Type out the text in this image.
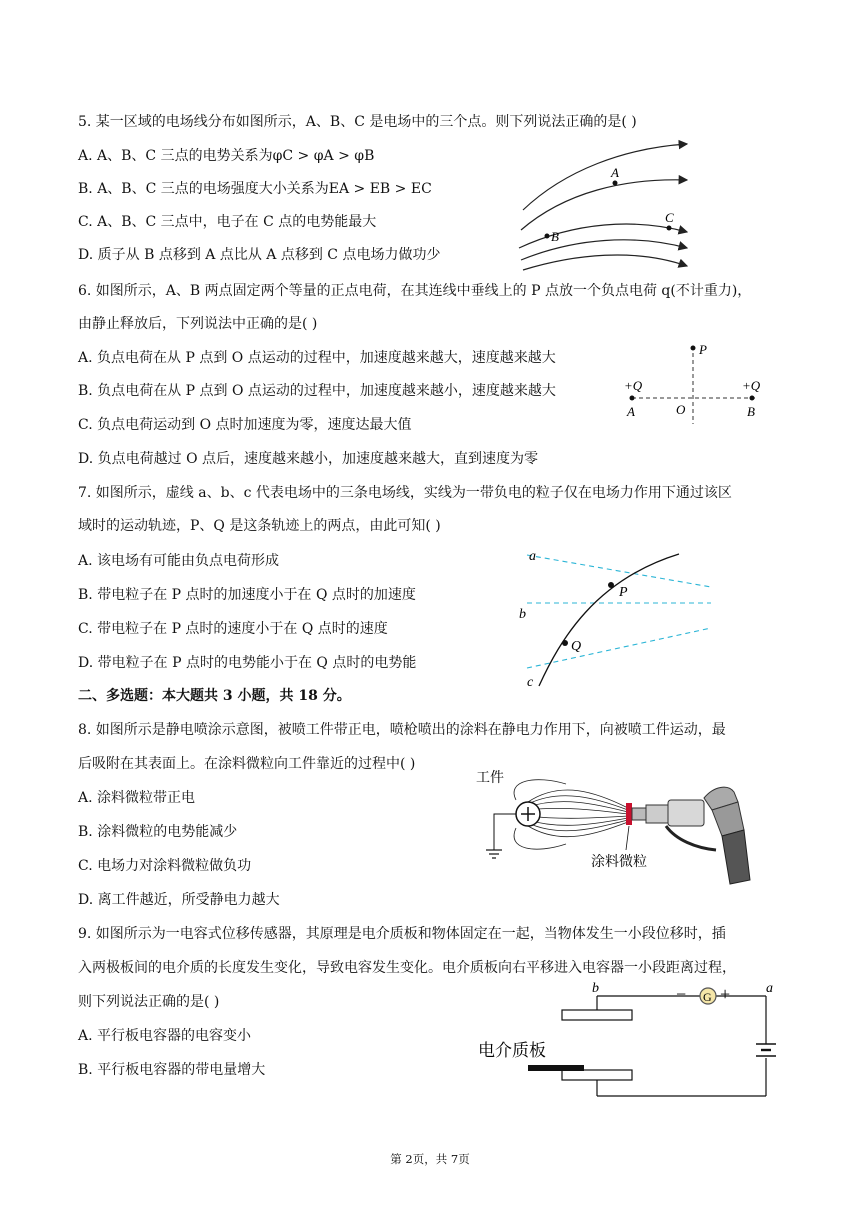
5. 某一区域的电场线分布如图所示，A、B、C 是电场中的三个点。则下列说法正确的是( )
A. A、B、C 三点的电势关系为φC > φA > φB
B. A、B、C 三点的电场强度大小关系为EA > EB > EC
C. A、B、C 三点中，电子在 C 点的电势能最大
D. 质子从 B 点移到 A 点比从 A 点移到 C 点电场力做功少
A
B
C
6. 如图所示，A、B 两点固定两个等量的正点电荷，在其连线中垂线上的 P 点放一个负点电荷 q(不计重力)，
由静止释放后，下列说法中正确的是( )
A. 负点电荷在从 P 点到 O 点运动的过程中，加速度越来越大，速度越来越大
B. 负点电荷在从 P 点到 O 点运动的过程中，加速度越来越小，速度越来越大
C. 负点电荷运动到 O 点时加速度为零，速度达最大值
D. 负点电荷越过 O 点后，速度越来越小，加速度越来越大，直到速度为零
P
+Q
A	O
+Q
B
7. 如图所示，虚线 a、b、c 代表电场中的三条电场线，实线为一带负电的粒子仅在电场力作用下通过该区
域时的运动轨迹，P、Q 是这条轨迹上的两点，由此可知( )
A. 该电场有可能由负点电荷形成
B. 带电粒子在 P 点时的加速度小于在 Q 点时的加速度
C. 带电粒子在 P 点时的速度小于在 Q 点时的速度
D. 带电粒子在 P 点时的电势能小于在 Q 点时的电势能
a
b
c
P
Q
二、多选题：本大题共 3 小题，共 18 分。
8. 如图所示是静电喷涂示意图，被喷工件带正电，喷枪喷出的涂料在静电力作用下，向被喷工件运动，最
后吸附在其表面上。在涂料微粒向工件靠近的过程中( )
A. 涂料微粒带正电
B. 涂料微粒的电势能减少
C. 电场力对涂料微粒做负功
D. 离工件越近，所受静电力越大
工件
涂料微粒
9. 如图所示为一电容式位移传感器，其原理是电介质板和物体固定在一起，当物体发生一小段位移时，插
入两极板间的电介质的长度发生变化，导致电容发生变化。电介质板向右平移进入电容器一小段距离过程，
则下列说法正确的是( )
A. 平行板电容器的电容变小
B. 平行板电容器的带电量增大
G
− +
b	a
电介质板
第 2页，共 7页
